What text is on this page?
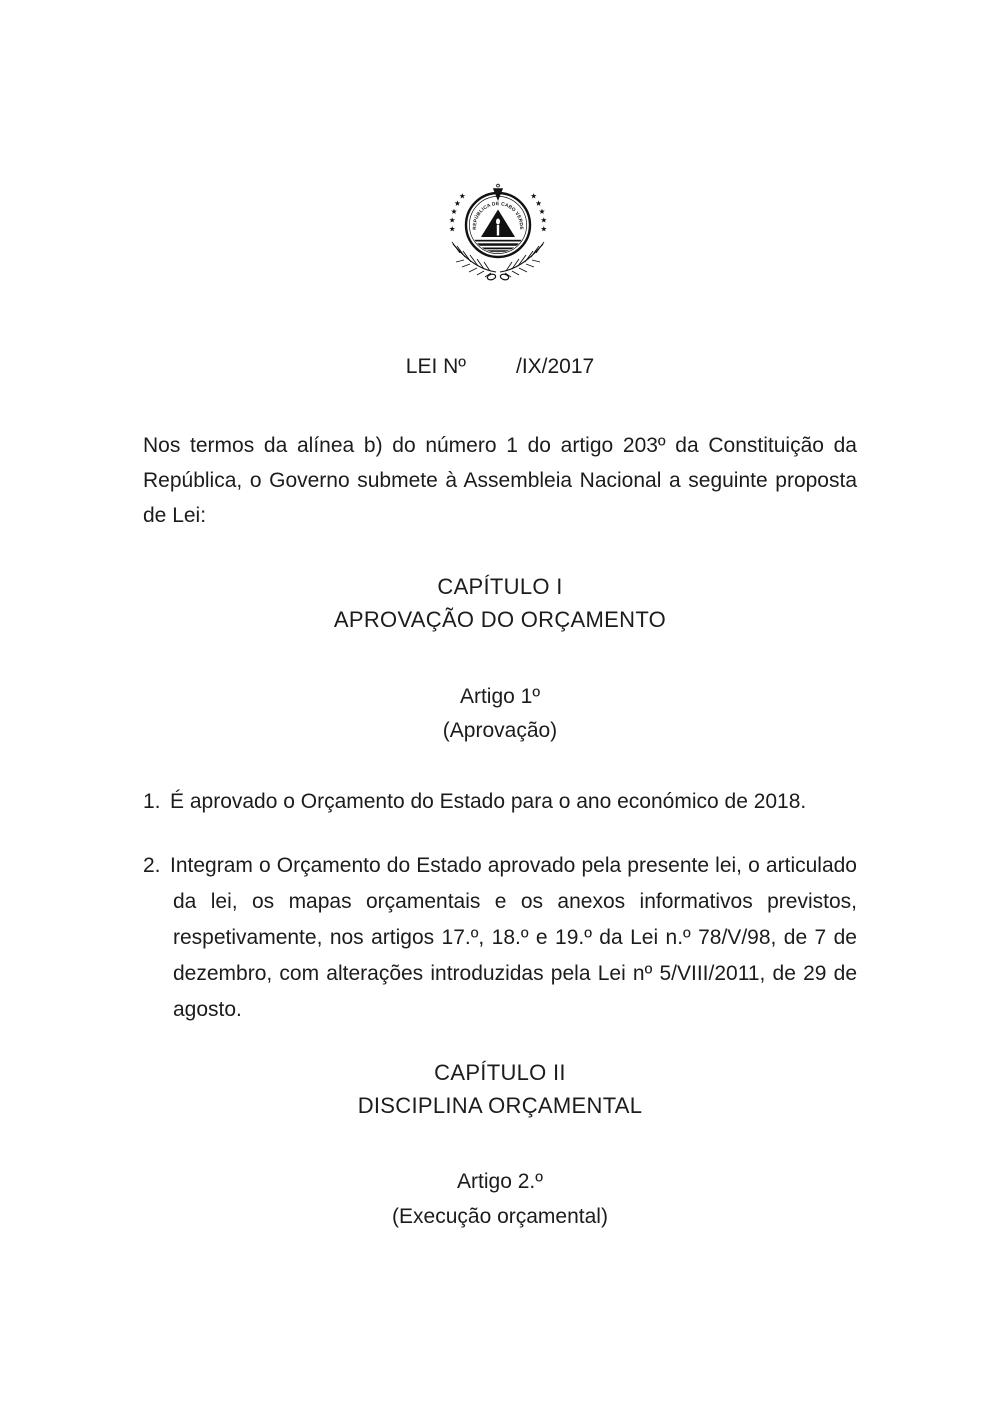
REPÚBLICA DE CABO VERDE
LEI Nº /IX/2017

Nos termos da alínea b) do número 1 do artigo 203º da Constituição da República, o Governo submete à Assembleia Nacional a seguinte proposta de Lei:

CAPÍTULO I
APROVAÇÃO DO ORÇAMENTO
Artigo 1º
(Aprovação)

1. É aprovado o Orçamento do Estado para o ano económico de 2018.

2. Integram o Orçamento do Estado aprovado pela presente lei, o articulado da lei, os mapas orçamentais e os anexos informativos previstos, respetivamente, nos artigos 17.º, 18.º e 19.º da Lei n.º 78/V/98, de 7 de dezembro, com alterações introduzidas pela Lei nº 5/VIII/2011, de 29 de agosto.

CAPÍTULO II
DISCIPLINA ORÇAMENTAL
Artigo 2.º
(Execução orçamental)
